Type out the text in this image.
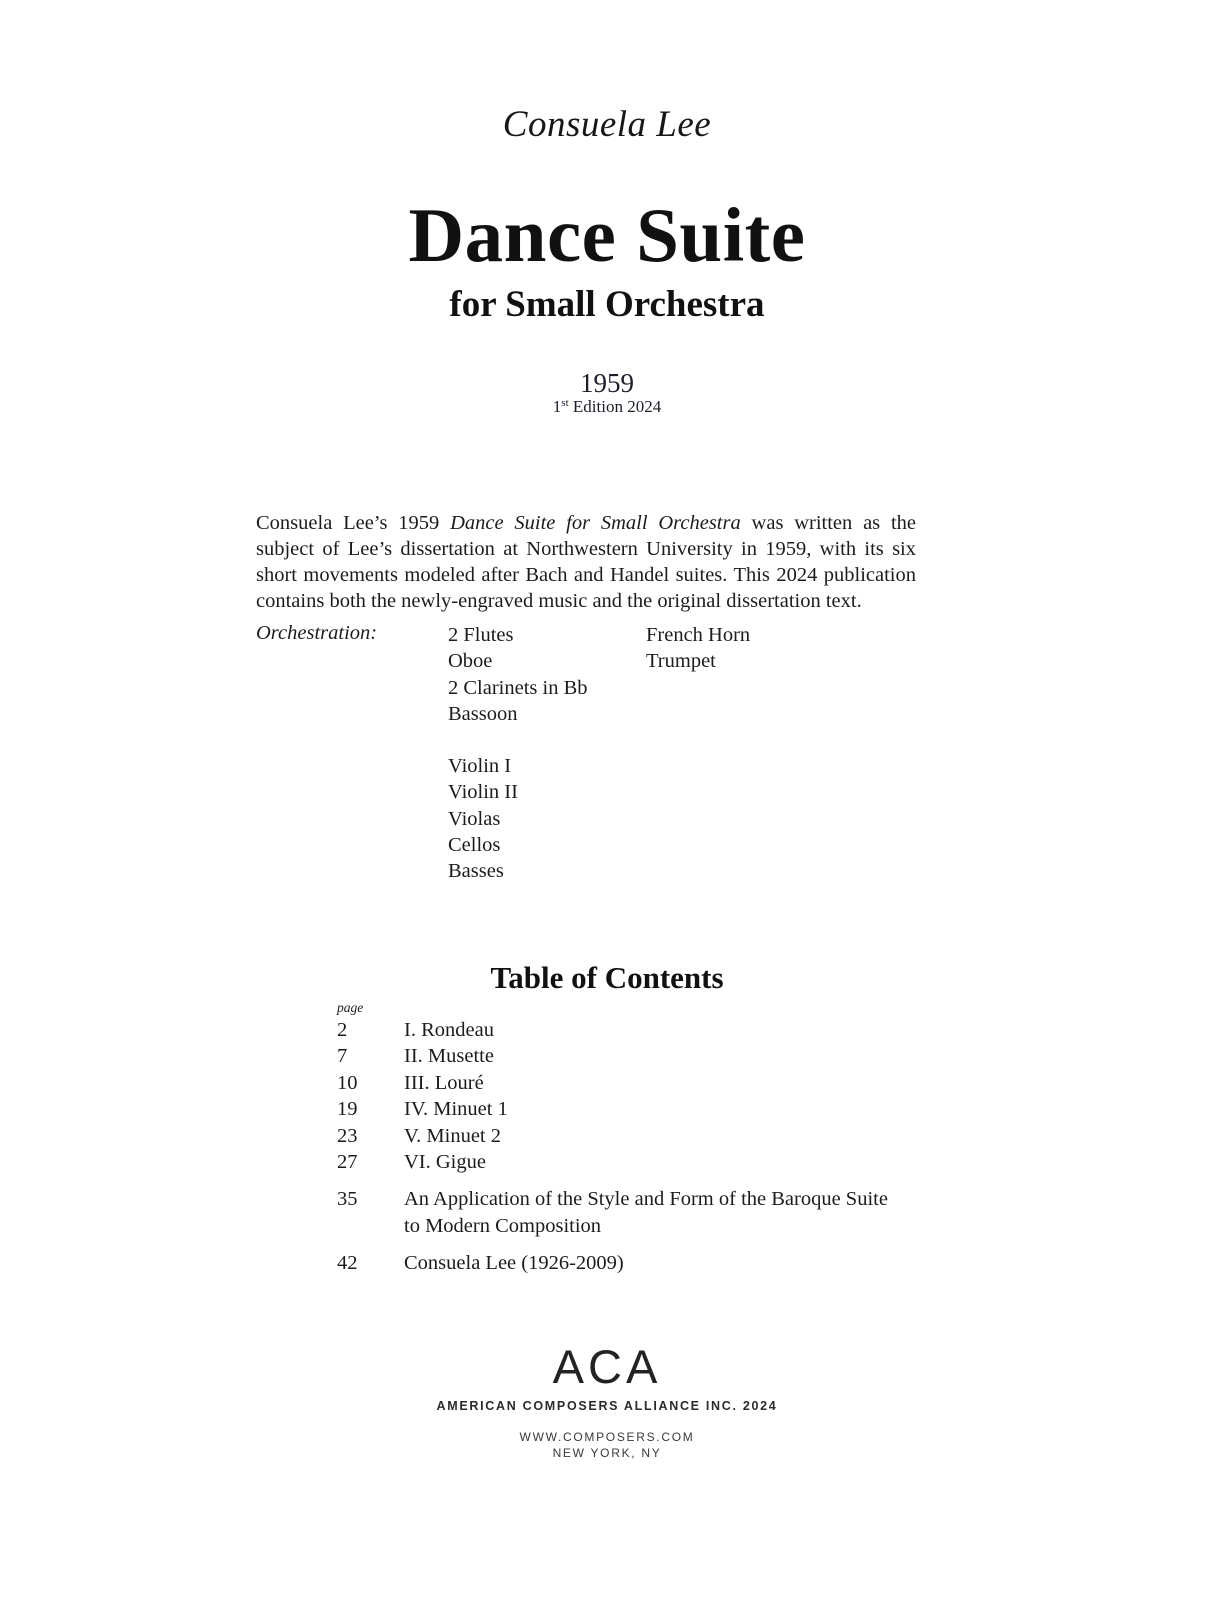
Consuela Lee
Dance Suite
for Small Orchestra
1959
1st Edition 2024

Consuela Lee’s 1959 Dance Suite for Small Orchestra was written as the subject of Lee’s dissertation at Northwestern University in 1959, with its six short movements modeled after Bach and Handel suites. This 2024 publication contains both the newly-engraved music and the original dissertation text.

Orchestration:	2 Flutes
Oboe
2 Clarinets in Bb
Bassoon
Violin I
Violin II
Violas
Cellos
Basses
French Horn
Trumpet
Table of Contents
page
2	I. Rondeau
7	II. Musette
10	III. Louré
19	IV. Minuet 1
23	V. Minuet 2
27	VI. Gigue
35	An Application of the Style and Form of the Baroque Suite to Modern Composition
42	Consuela Lee (1926-2009)
ACA
AMERICAN COMPOSERS ALLIANCE INC. 2024
WWW.COMPOSERS.COM
NEW YORK, NY
